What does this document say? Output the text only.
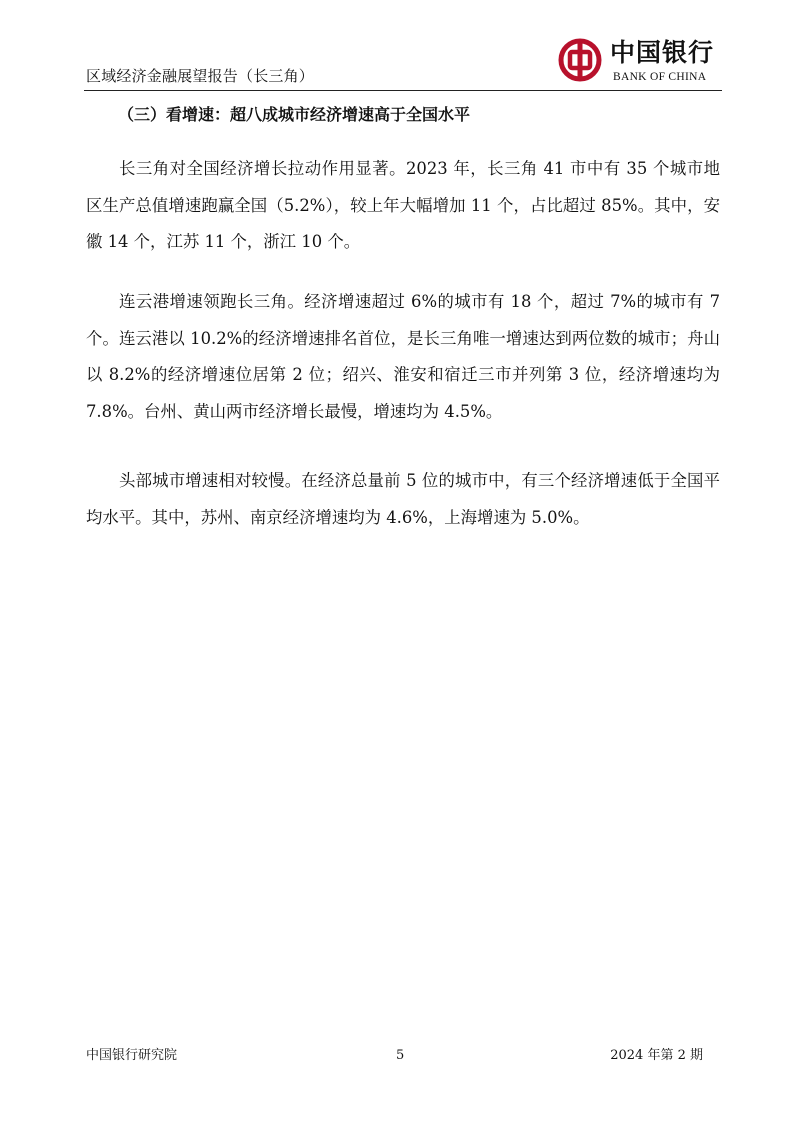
区域经济金融展望报告（长三角）
中国银行
BANK OF CHINA
（三）看增速：超八成城市经济增速高于全国水平

长三角对全国经济增长拉动作用显著。2023 年，长三角 41 市中有 35 个城市地区生产总值增速跑赢全国（5.2%），较上年大幅增加 11 个，占比超过 85%。其中，安徽 14 个，江苏 11 个，浙江 10 个。

连云港增速领跑长三角。经济增速超过 6%的城市有 18 个，超过 7%的城市有 7 个。连云港以 10.2%的经济增速排名首位，是长三角唯一增速达到两位数的城市；舟山以 8.2%的经济增速位居第 2 位；绍兴、淮安和宿迁三市并列第 3 位，经济增速均为 7.8%。台州、黄山两市经济增长最慢，增速均为 4.5%。

头部城市增速相对较慢。在经济总量前 5 位的城市中，有三个经济增速低于全国平均水平。其中，苏州、南京经济增速均为 4.6%，上海增速为 5.0%。

中国银行研究院	5	2024 年第 2 期
